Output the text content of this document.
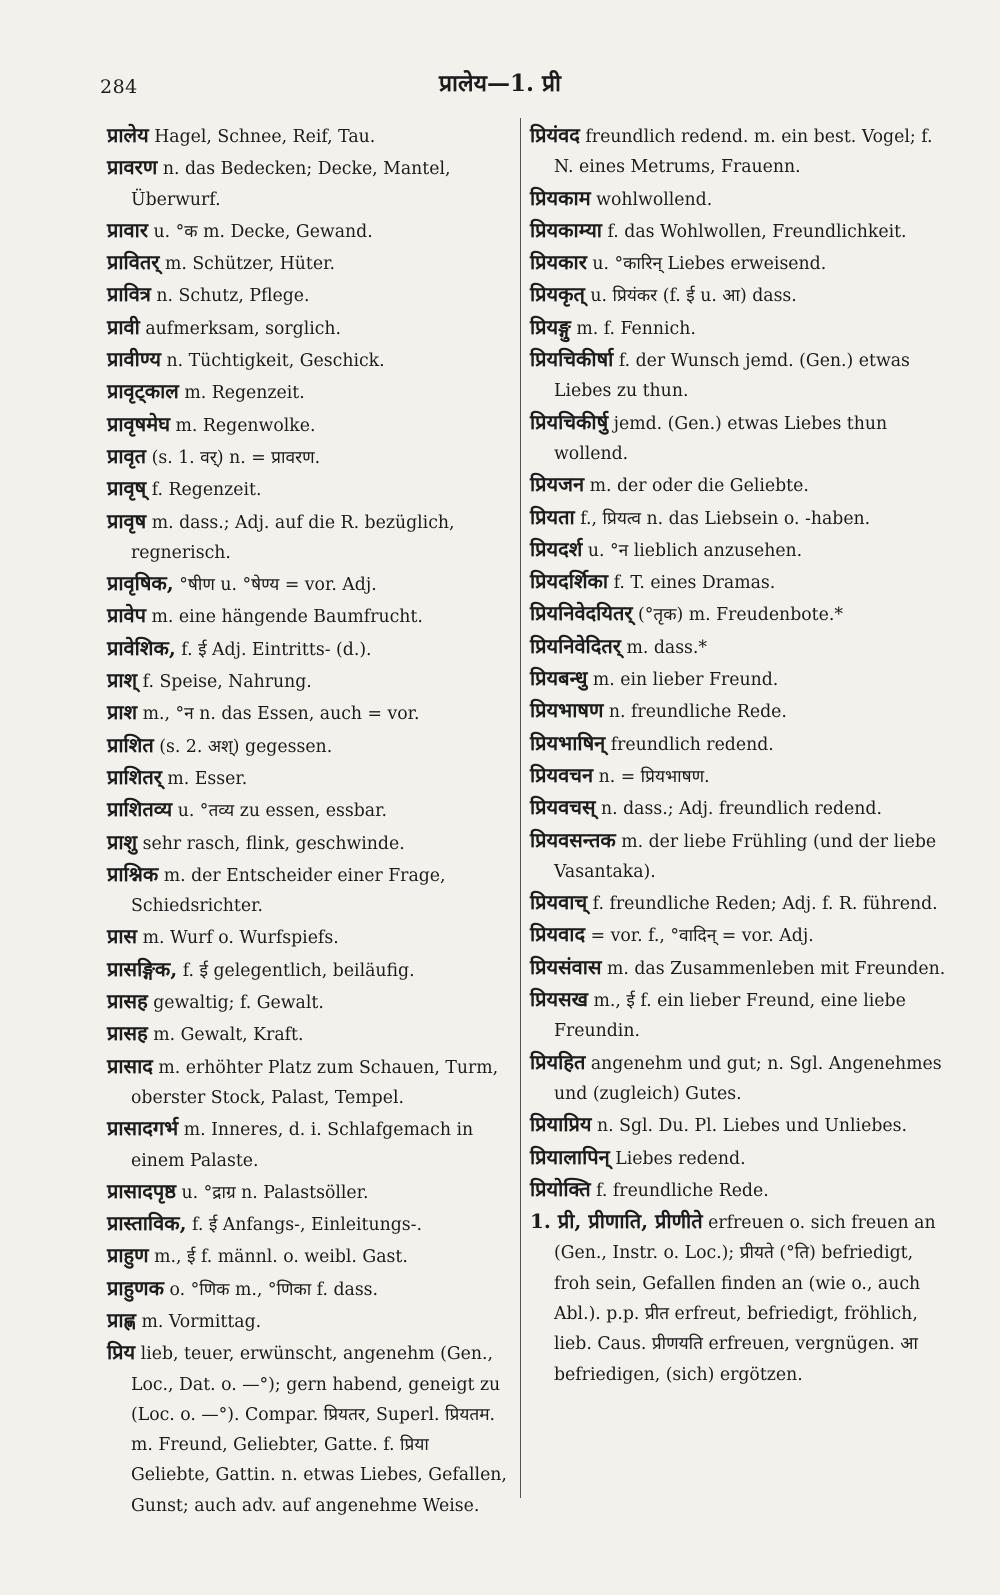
284	प्रालेय—1. प्री

प्रालेय Hagel, Schnee, Reif, Tau.

प्रावरण n. das Bedecken; Decke, Mantel, Überwurf.

प्रावार u. °क m. Decke, Gewand.

प्रावितर् m. Schützer, Hüter.

प्रावित्र n. Schutz, Pflege.

प्रावी aufmerksam, sorglich.

प्रावीण्य n. Tüchtigkeit, Geschick.

प्रावृट्काल m. Regenzeit.

प्रावृषमेघ m. Regenwolke.

प्रावृत (s. 1. वर्) n. = प्रावरण.

प्रावृष् f. Regenzeit.

प्रावृष m. dass.; Adj. auf die R. bezüglich, regnerisch.

प्रावृषिक, °षीण u. °षेण्य = vor. Adj.

प्रावेप m. eine hängende Baumfrucht.

प्रावेशिक, f. ई Adj. Eintritts- (d.).

प्राश् f. Speise, Nahrung.

प्राश m., °न n. das Essen, auch = vor.

प्राशित (s. 2. अश्) gegessen.

प्राशितर् m. Esser.

प्राशितव्य u. °तव्य zu essen, essbar.

प्राशु sehr rasch, flink, geschwinde.

प्राश्निक m. der Entscheider einer Frage, Schiedsrichter.

प्रास m. Wurf o. Wurfspiefs.

प्रासङ्गिक, f. ई gelegentlich, beiläufig.

प्रासह gewaltig; f. Gewalt.

प्रासह m. Gewalt, Kraft.

प्रासाद m. erhöhter Platz zum Schauen, Turm, oberster Stock, Palast, Tempel.

प्रासादगर्भ m. Inneres, d. i. Schlafgemach in einem Palaste.

प्रासादपृष्ठ u. °द्राग्र n. Palastsöller.

प्रास्ताविक, f. ई Anfangs-, Einleitungs-.

प्राहुण m., ई f. männl. o. weibl. Gast.

प्राहुणक o. °णिक m., °णिका f. dass.

प्राह्ण m. Vormittag.

प्रिय lieb, teuer, erwünscht, angenehm (Gen., Loc., Dat. o. —°); gern habend, geneigt zu (Loc. o. —°). Compar. प्रियतर, Superl. प्रियतम. m. Freund, Geliebter, Gatte. f. प्रिया Geliebte, Gattin. n. etwas Liebes, Gefallen, Gunst; auch adv. auf angenehme Weise.

प्रियंवद freundlich redend. m. ein best. Vogel; f. N. eines Metrums, Frauenn.

प्रियकाम wohlwollend.

प्रियकाम्या f. das Wohlwollen, Freundlichkeit.

प्रियकार u. °कारिन् Liebes erweisend.

प्रियकृत् u. प्रियंकर (f. ई u. आ) dass.

प्रियङ्गु m. f. Fennich.

प्रियचिकीर्षा f. der Wunsch jemd. (Gen.) etwas Liebes zu thun.

प्रियचिकीर्षु jemd. (Gen.) etwas Liebes thun wollend.

प्रियजन m. der oder die Geliebte.

प्रियता f., प्रियत्व n. das Liebsein o. -haben.

प्रियदर्श u. °न lieblich anzusehen.

प्रियदर्शिका f. T. eines Dramas.

प्रियनिवेदयितर् (°तृक) m. Freudenbote.*

प्रियनिवेदितर् m. dass.*

प्रियबन्धु m. ein lieber Freund.

प्रियभाषण n. freundliche Rede.

प्रियभाषिन् freundlich redend.

प्रियवचन n. = प्रियभाषण.

प्रियवचस् n. dass.; Adj. freundlich redend.

प्रियवसन्तक m. der liebe Frühling (und der liebe Vasantaka).

प्रियवाच् f. freundliche Reden; Adj. f. R. führend.

प्रियवाद = vor. f., °वादिन् = vor. Adj.

प्रियसंवास m. das Zusammenleben mit Freunden.

प्रियसख m., ई f. ein lieber Freund, eine liebe Freundin.

प्रियहित angenehm und gut; n. Sgl. Angenehmes und (zugleich) Gutes.

प्रियाप्रिय n. Sgl. Du. Pl. Liebes und Unliebes.

प्रियालापिन् Liebes redend.

प्रियोक्ति f. freundliche Rede.

1. प्री, प्रीणाति, प्रीणीते erfreuen o. sich freuen an (Gen., Instr. o. Loc.); प्रीयते (°ति) befriedigt, froh sein, Gefallen finden an (wie o., auch Abl.). p.p. प्रीत erfreut, befriedigt, fröhlich, lieb. Caus. प्रीणयति erfreuen, vergnügen. आ befriedigen, (sich) ergötzen.
